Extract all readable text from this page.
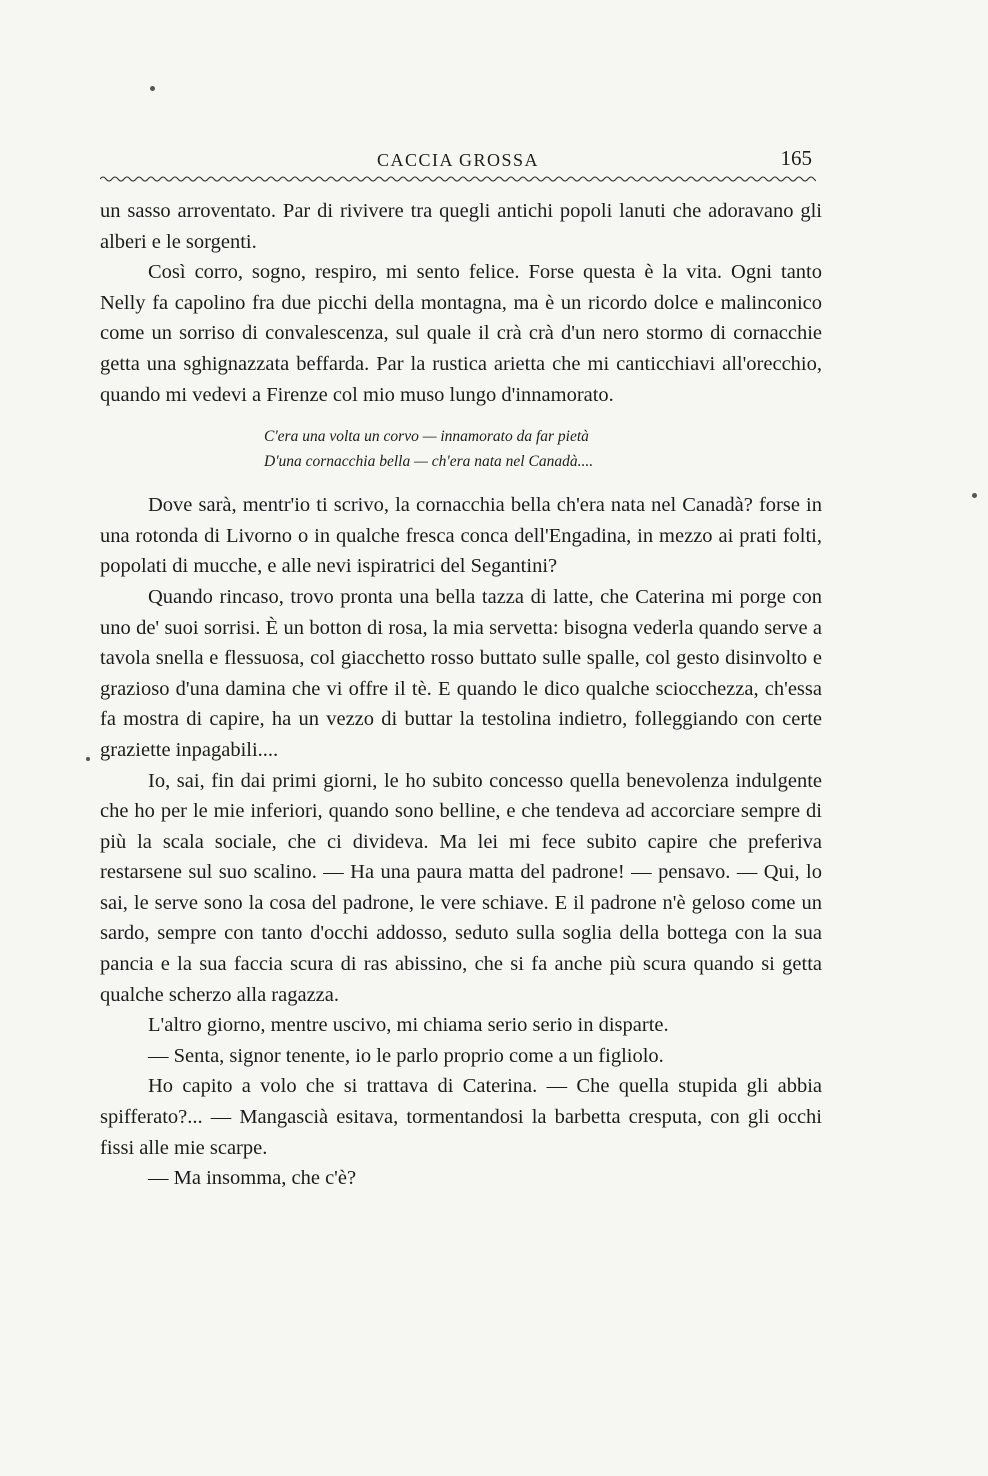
CACCIA GROSSA	165

un sasso arroventato. Par di rivivere tra quegli antichi popoli lanuti che adoravano gli alberi e le sorgenti.

Così corro, sogno, respiro, mi sento felice. Forse questa è la vita. Ogni tanto Nelly fa capolino fra due picchi della montagna, ma è un ricordo dolce e malinconico come un sorriso di convalescenza, sul quale il crà crà d'un nero stormo di cornacchie getta una sghignazzata beffarda. Par la rustica arietta che mi canticchiavi all'orecchio, quando mi vedevi a Firenze col mio muso lungo d'innamorato.

C'era una volta un corvo — innamorato da far pietà
D'una cornacchia bella — ch'era nata nel Canadà....

Dove sarà, mentr'io ti scrivo, la cornacchia bella ch'era nata nel Canadà? forse in una rotonda di Livorno o in qualche fresca conca dell'Engadina, in mezzo ai prati folti, popolati di mucche, e alle nevi ispiratrici del Segantini?

Quando rincaso, trovo pronta una bella tazza di latte, che Caterina mi porge con uno de' suoi sorrisi. È un botton di rosa, la mia servetta: bisogna vederla quando serve a tavola snella e flessuosa, col giacchetto rosso buttato sulle spalle, col gesto disinvolto e grazioso d'una damina che vi offre il tè. E quando le dico qualche sciocchezza, ch'essa fa mostra di capire, ha un vezzo di buttar la testolina indietro, folleggiando con certe graziette inpagabili....

Io, sai, fin dai primi giorni, le ho subito concesso quella benevolenza indulgente che ho per le mie inferiori, quando sono belline, e che tendeva ad accorciare sempre di più la scala sociale, che ci divideva. Ma lei mi fece subito capire che preferiva restarsene sul suo scalino. — Ha una paura matta del padrone! — pensavo. — Qui, lo sai, le serve sono la cosa del padrone, le vere schiave. E il padrone n'è geloso come un sardo, sempre con tanto d'occhi addosso, seduto sulla soglia della bottega con la sua pancia e la sua faccia scura di ras abissino, che si fa anche più scura quando si getta qualche scherzo alla ragazza.

L'altro giorno, mentre uscivo, mi chiama serio serio in disparte.

— Senta, signor tenente, io le parlo proprio come a un figliolo.

Ho capito a volo che si trattava di Caterina. — Che quella stupida gli abbia spifferato?... — Mangascià esitava, tormentandosi la barbetta cresputa, con gli occhi fissi alle mie scarpe.

— Ma insomma, che c'è?
